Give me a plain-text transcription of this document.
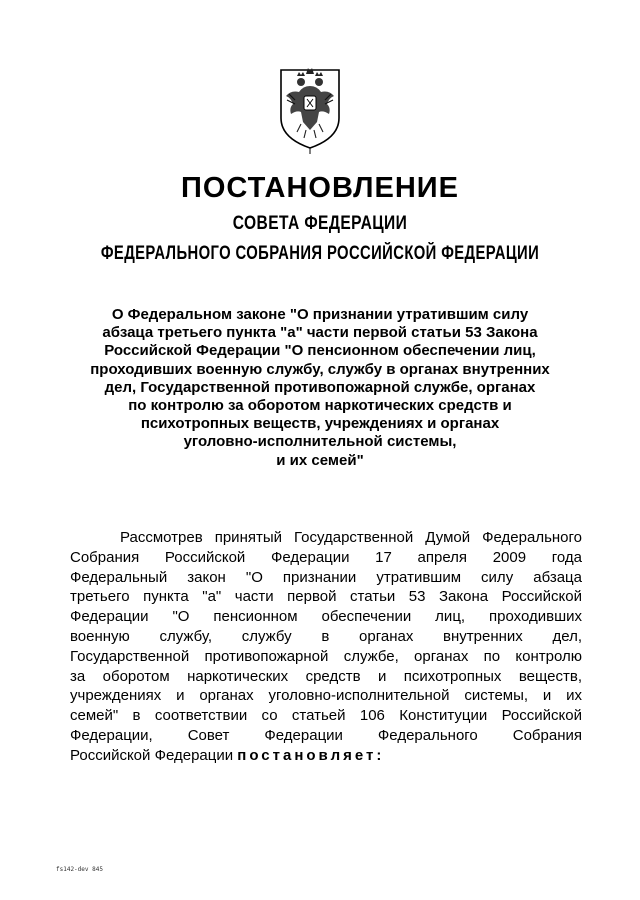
ПОСТАНОВЛЕНИЕ
СОВЕТА ФЕДЕРАЦИИ
ФЕДЕРАЛЬНОГО СОБРАНИЯ РОССИЙСКОЙ ФЕДЕРАЦИИ
О Федеральном законе "О признании утратившим силу
абзаца третьего пункта "а" части первой статьи 53 Закона
Российской Федерации "О пенсионном обеспечении лиц,
проходивших военную службу, службу в органах внутренних
дел, Государственной противопожарной службе, органах
по контролю за оборотом наркотических средств и
психотропных веществ, учреждениях и органах
уголовно-исполнительной системы,
и их семей"
Рассмотрев принятый Государственной Думой Федерального
Собрания Российской Федерации 17 апреля 2009 года
Федеральный закон "О признании утратившим силу абзаца
третьего пункта "а" части первой статьи 53 Закона Российской
Федерации "О пенсионном обеспечении лиц, проходивших
военную службу, службу в органах внутренних дел,
Государственной противопожарной службе, органах по контролю
за оборотом наркотических средств и психотропных веществ,
учреждениях и органах уголовно-исполнительной системы, и их
семей" в соответствии со статьей 106 Конституции Российской
Федерации, Совет Федерации Федерального Собрания
Российской Федерации постановляет:
fs142-dev 845
